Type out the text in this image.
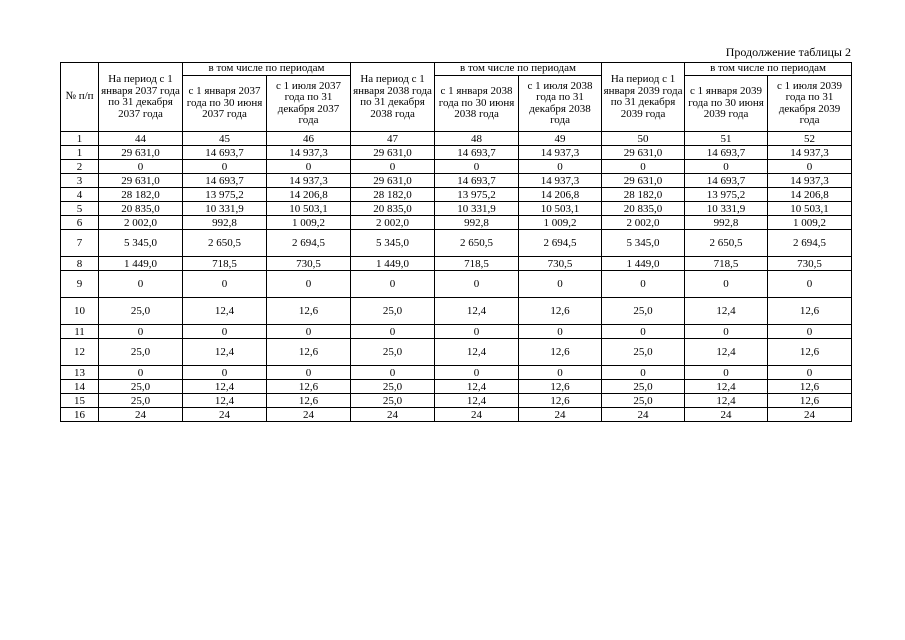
Продолжение таблицы 2
№ п/п	На период с 1 января 2037 года по 31 декабря 2037 года	в том числе по периодам		На период с 1 января 2038 года по 31 декабря 2038 года	в том числе по периодам		На период с 1 января 2039 года по 31 декабря 2039 года	в том числе по периодам	
		с 1 января 2037 года по 30 июня 2037 года	с 1 июля 2037 года по 31 декабря 2037 года		с 1 января 2038 года по 30 июня 2038 года	с 1 июля 2038 года по 31 декабря 2038 года		с 1 января 2039 года по 30 июня 2039 года	с 1 июля 2039 года по 31 декабря 2039 года
1	44	45	46	47	48	49	50	51	52
1	29 631,0	14 693,7	14 937,3	29 631,0	14 693,7	14 937,3	29 631,0	14 693,7	14 937,3
2	0	0	0	0	0	0	0	0	0
3	29 631,0	14 693,7	14 937,3	29 631,0	14 693,7	14 937,3	29 631,0	14 693,7	14 937,3
4	28 182,0	13 975,2	14 206,8	28 182,0	13 975,2	14 206,8	28 182,0	13 975,2	14 206,8
5	20 835,0	10 331,9	10 503,1	20 835,0	10 331,9	10 503,1	20 835,0	10 331,9	10 503,1
6	2 002,0	992,8	1 009,2	2 002,0	992,8	1 009,2	2 002,0	992,8	1 009,2
7	5 345,0	2 650,5	2 694,5	5 345,0	2 650,5	2 694,5	5 345,0	2 650,5	2 694,5
8	1 449,0	718,5	730,5	1 449,0	718,5	730,5	1 449,0	718,5	730,5
9	0	0	0	0	0	0	0	0	0
10	25,0	12,4	12,6	25,0	12,4	12,6	25,0	12,4	12,6
11	0	0	0	0	0	0	0	0	0
12	25,0	12,4	12,6	25,0	12,4	12,6	25,0	12,4	12,6
13	0	0	0	0	0	0	0	0	0
14	25,0	12,4	12,6	25,0	12,4	12,6	25,0	12,4	12,6
15	25,0	12,4	12,6	25,0	12,4	12,6	25,0	12,4	12,6
16	24	24	24	24	24	24	24	24	24
